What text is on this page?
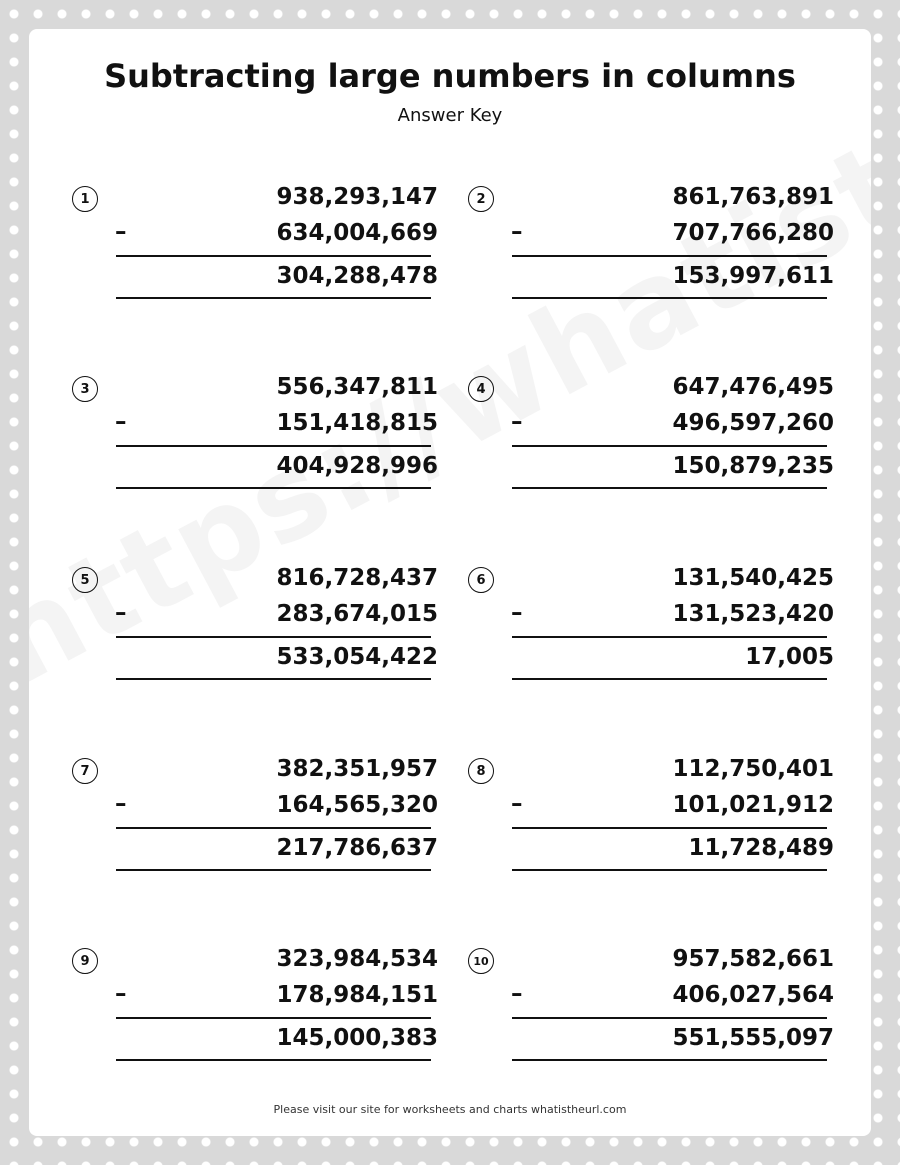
Subtracting large numbers in columns
Answer Key
1	938,293,147
–	634,004,669
304,288,478
2	861,763,891
–	707,766,280
153,997,611
3	556,347,811
–	151,418,815
404,928,996
4	647,476,495
–	496,597,260
150,879,235
5	816,728,437
–	283,674,015
533,054,422
6	131,540,425
–	131,523,420
17,005
7	382,351,957
–	164,565,320
217,786,637
8	112,750,401
–	101,021,912
11,728,489
9	323,984,534
–	178,984,151
145,000,383
10	957,582,661
–	406,027,564
551,555,097
Please visit our site for worksheets and charts whatistheurl.com
